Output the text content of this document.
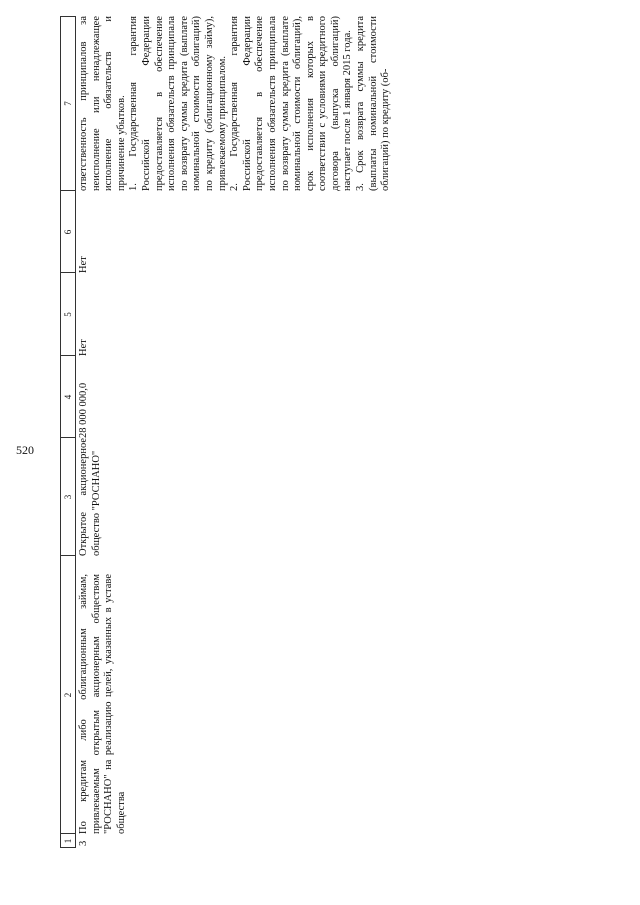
520
1
2
3
4
5
6
7
3
По кредитам либо облигационным займам, привлекаемым открытым акционерным обществом "РОСНАНО" на реализацию целей, указанных в уставе общества
Открытое акционерное общество "РОСНАНО"
28 000 000,0
Нет
Нет

ответственность принципалов за неисполнение или ненадлежащее исполнение обязательств и причинение убытков. 1. Государственная гарантия Российской Федерации предоставляется в обеспечение исполнения обязательств принципала по возврату суммы кредита (выплате номинальной стоимости облигаций) по кредиту (облигационному займу), привлекаемому принципалом. 2. Государственная гарантия Российской Федерации предоставляется в обеспечение исполнения обязательств принципала по возврату суммы кредита (выплате номинальной стоимости облигаций), срок исполнения которых в соответствии с условиями кредитного договора (выпуска облигаций) наступает после 1 января 2015 года. 3. Срок возврата суммы кредита (выплаты номинальной стоимости облигаций) по кредиту (об-
